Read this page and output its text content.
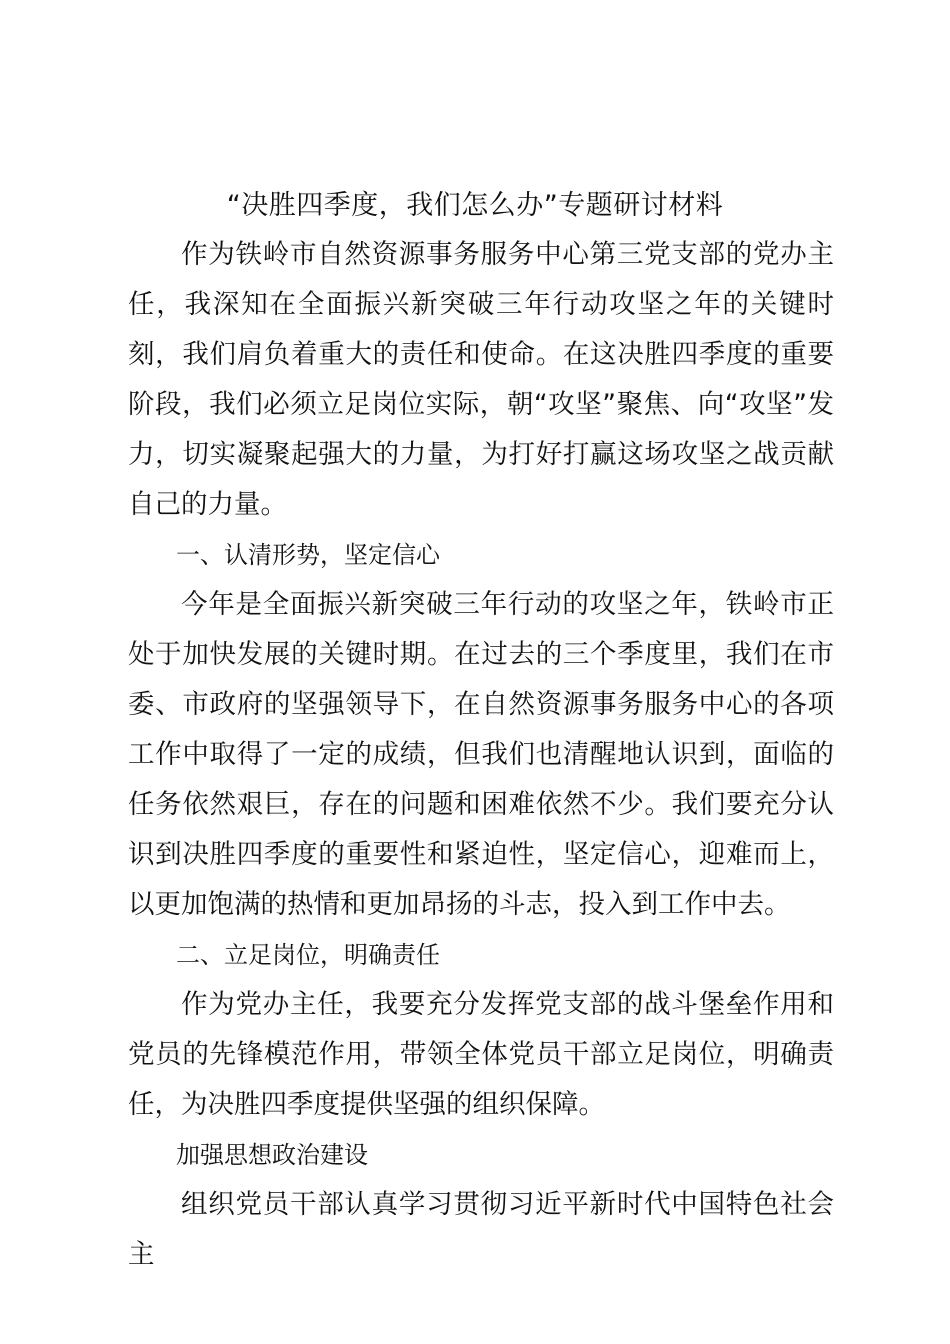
“决胜四季度，我们怎么办”专题研讨材料

作为铁岭市自然资源事务服务中心第三党支部的党办主任，我深知在全面振兴新突破三年行动攻坚之年的关键时刻，我们肩负着重大的责任和使命。在这决胜四季度的重要阶段，我们必须立足岗位实际，朝“攻坚”聚焦、向“攻坚”发力，切实凝聚起强大的力量，为打好打赢这场攻坚之战贡献自己的力量。

一、认清形势，坚定信心

今年是全面振兴新突破三年行动的攻坚之年，铁岭市正处于加快发展的关键时期。在过去的三个季度里，我们在市委、市政府的坚强领导下，在自然资源事务服务中心的各项工作中取得了一定的成绩，但我们也清醒地认识到，面临的任务依然艰巨，存在的问题和困难依然不少。我们要充分认识到决胜四季度的重要性和紧迫性，坚定信心，迎难而上，以更加饱满的热情和更加昂扬的斗志，投入到工作中去。

二、立足岗位，明确责任

作为党办主任，我要充分发挥党支部的战斗堡垒作用和党员的先锋模范作用，带领全体党员干部立足岗位，明确责任，为决胜四季度提供坚强的组织保障。

加强思想政治建设

组织党员干部认真学习贯彻习近平新时代中国特色社会主
